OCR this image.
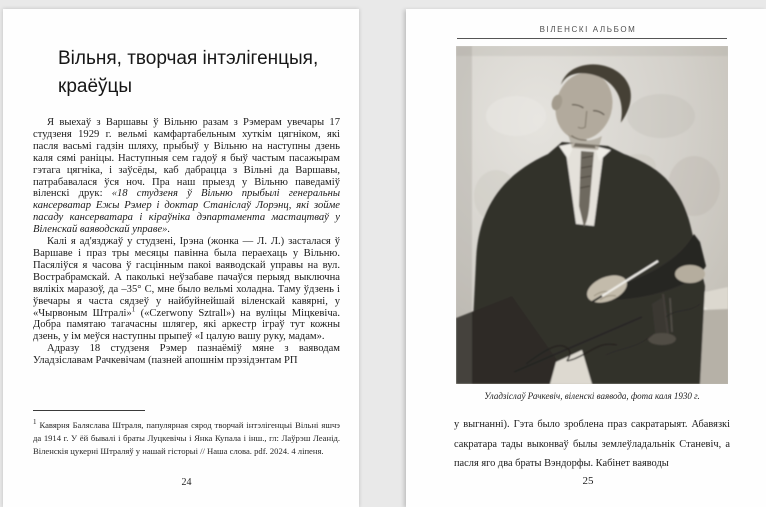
Вільня, творчая інтэлігенцыя, краёўцы

Я выехаў з Варшавы ў Вільню разам з Рэмерам увечары 17 студзеня 1929 г. вельмі камфартабельным хуткім цягніком, які пасля васьмі гадзін шляху, прыбыў у Вільню на наступны дзень каля сямі раніцы. Наступныя сем гадоў я быў частым пасажырам гэтага цягніка, і заўсёды, каб дабрацца з Вільні да Варшавы, патрабавалася ўся ноч. Пра наш прыезд у Вільню паведаміў віленскі друк: «18 студзеня ў Вільню прыбылі генеральны кансерватар Ежы Рэмер і доктар Станіслаў Лорэнц, які зойме пасаду кансерватара і кіраўніка дэпартамента мастацтваў у Віленскай ваяводскай управе».

Калі я ад'язджаў у студзені, Ірэна (жонка — Л. Л.) засталася ў Варшаве і праз тры месяцы павінна была пераехаць у Вільню. Пасяліўся я часова ў гасцінным пакоі ваяводскай управы на вул. Вострабрамскай. А паколькі неўзабаве пачаўся перыяд выключна вялікіх маразоў, да –35° С, мне было вельмі холадна. Таму ўдзень і ўвечары я часта сядзеў у найбуйнейшай віленскай кавярні, у «Чырвоным Штралі»$^1$ («Czerwony Sztrall») на вуліцы Міцкевіча. Добра памятаю тагачасны шлягер, які аркестр іграў тут кожны дзень, у ім меўся наступны прыпеў «І цалую вашу руку, мадам».

Адразу 18 студзеня Рэмер пазнаёміў мяне з ваяводам Уладзіславам Рачкевічам (пазней апошнім прэзідэнтам РП

$^1$ Кавярня Баляслава Штраля, папулярная сярод творчай інтэлігенцыі Вільні яшчэ да 1914 г. У ёй бывалі і браты Луцкевічы і Янка Купала і інш., гл: Лаўрэш Леанід. Віленскія цукерні Штраляў у нашай гісторыі // Наша слова. pdf. 2024. 4 ліпеня.
24
ВІЛЕНСКІ АЛЬБОМ
Уладзіслаў Рачкевіч, віленскі ваявода, фота каля 1930 г.
у выгнанні). Гэта было зроблена праз сакратарыят. Абавязкі сакратара тады выконваў былы землеўладальнік Станевіч, а пасля яго два браты Вэндорфы. Кабінет ваяводы
25
